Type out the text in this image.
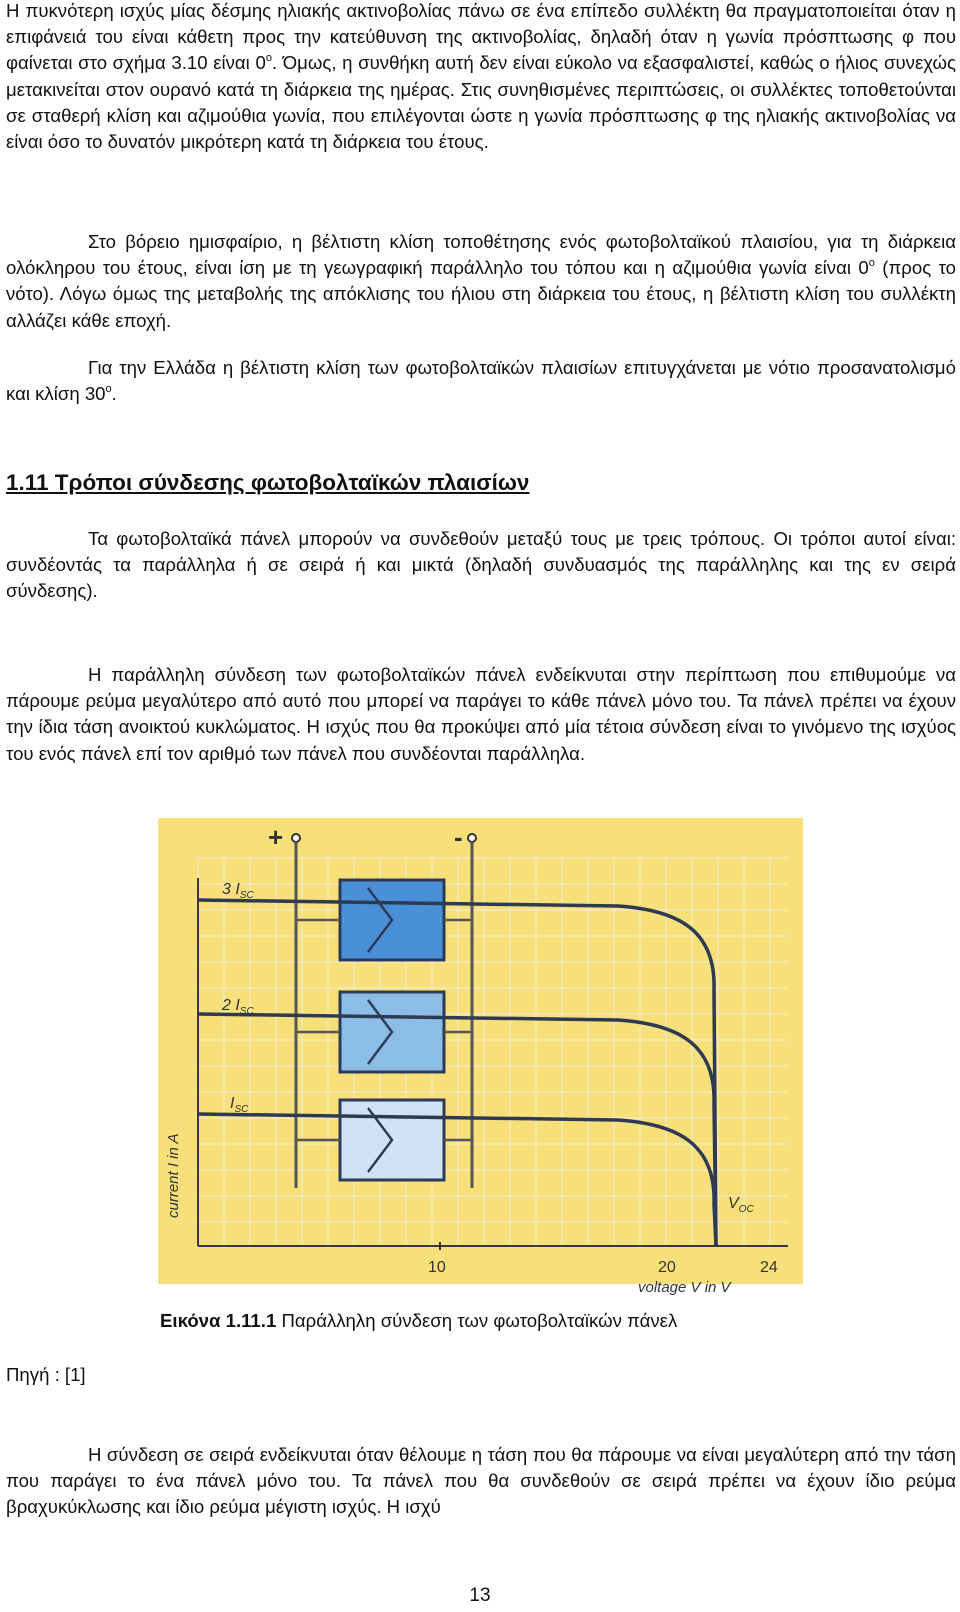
Η πυκνότερη ισχύς μίας δέσμης ηλιακής ακτινοβολίας πάνω σε ένα επίπεδο συλλέκτη θα πραγματοποιείται όταν η επιφάνειά του είναι κάθετη προς την κατεύθυνση της ακτινοβολίας, δηλαδή όταν η γωνία πρόσπτωσης φ που φαίνεται στο σχήμα 3.10 είναι $0^o$. Όμως, η συνθήκη αυτή δεν είναι εύκολο να εξασφαλιστεί, καθώς ο ήλιος συνεχώς μετακινείται στον ουρανό κατά τη διάρκεια της ημέρας. Στις συνηθισμένες περιπτώσεις, οι συλλέκτες τοποθετούνται σε σταθερή κλίση και αζιμούθια γωνία, που επιλέγονται ώστε η γωνία πρόσπτωσης φ της ηλιακής ακτινοβολίας να είναι όσο το δυνατόν μικρότερη κατά τη διάρκεια του έτους.

Στο βόρειο ημισφαίριο, η βέλτιστη κλίση τοποθέτησης ενός φωτοβολταϊκού πλαισίου, για τη διάρκεια ολόκληρου του έτους, είναι ίση με τη γεωγραφική παράλληλο του τόπου και η αζιμούθια γωνία είναι $0^o$ (προς το νότο). Λόγω όμως της μεταβολής της απόκλισης του ήλιου στη διάρκεια του έτους, η βέλτιστη κλίση του συλλέκτη αλλάζει κάθε εποχή.

Για την Ελλάδα η βέλτιστη κλίση των φωτοβολταϊκών πλαισίων επιτυγχάνεται με νότιο προσανατολισμό και κλίση $30^o$.

1.11 Τρόποι σύνδεσης φωτοβολταϊκών πλαισίων

Τα φωτοβολταϊκά πάνελ μπορούν να συνδεθούν μεταξύ τους με τρεις τρόπους. Οι τρόποι αυτοί είναι: συνδέοντάς τα παράλληλα ή σε σειρά ή και μικτά (δηλαδή συνδυασμός της παράλληλης και της εν σειρά σύνδεσης).

Η παράλληλη σύνδεση των φωτοβολταϊκών πάνελ ενδείκνυται στην περίπτωση που επιθυμούμε να πάρουμε ρεύμα μεγαλύτερο από αυτό που μπορεί να παράγει το κάθε πάνελ μόνο του. Τα πάνελ πρέπει να έχουν την ίδια τάση ανοικτού κυκλώματος. Η ισχύς που θα προκύψει από μία τέτοια σύνδεση είναι το γινόμενο της ισχύος του ενός πάνελ επί τον αριθμό των πάνελ που συνδέονται παράλληλα.

+	-
3 $I_{SC}$
2 $I_{SC}$
$I_{SC}$
$V_{OC}$
current I in A
10	20	24
voltage V in V
Εικόνα 1.11.1 Παράλληλη σύνδεση των φωτοβολταϊκών πάνελ
Πηγή : [1]

Η σύνδεση σε σειρά ενδείκνυται όταν θέλουμε η τάση που θα πάρουμε να είναι μεγαλύτερη από την τάση που παράγει το ένα πάνελ μόνο του. Τα πάνελ που θα συνδεθούν σε σειρά πρέπει να έχουν ίδιο ρεύμα βραχυκύκλωσης και ίδιο ρεύμα μέγιστη ισχύς. Η ισχύ

13
